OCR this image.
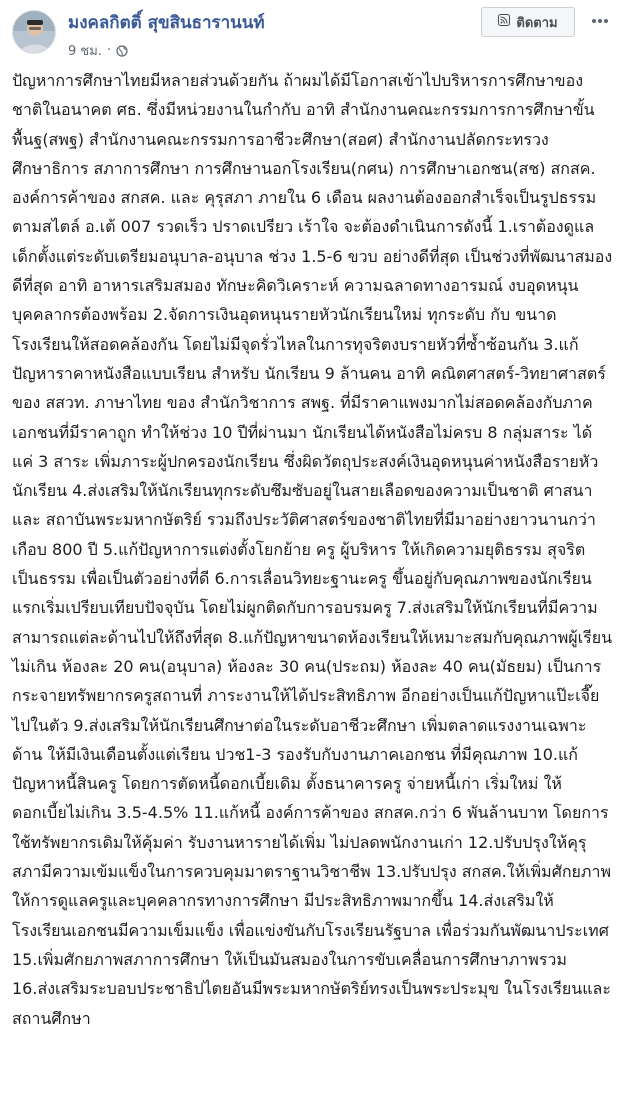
มงคลกิตติ์ สุขสินธารานนท์
9 ชม. ·
ติดตาม
ปัญหาการศึกษาไทยมีหลายส่วนด้วยกัน ถ้าผมได้มีโอกาสเข้าไปบริหารการศึกษาของชาติในอนาคต ศธ. ซึ่งมีหน่วยงานในกำกับ อาทิ สำนักงานคณะกรรมการการศึกษาขั้นพื้นฐ(สพฐ) สำนักงานคณะกรรมการอาชีวะศึกษา(สอศ) สำนักงานปลัดกระทรวงศึกษาธิการ สภาการศึกษา การศึกษานอกโรงเรียน(กศน) การศึกษาเอกชน(สช) สกสค. องค์การค้าของ สกสค. และ คุรุสภา ภายใน 6 เดือน ผลงานต้องออกสำเร็จเป็นรูปธรรม ตามสไตล์ อ.เต้ 007 รวดเร็ว ปราดเปรียว เร้าใจ จะต้องดำเนินการดังนี้ 1.เราต้องดูแลเด็กตั้งแต่ระดับเตรียมอนุบาล-อนุบาล ช่วง 1.5-6 ขวบ อย่างดีที่สุด เป็นช่วงที่พัฒนาสมองดีที่สุด อาทิ อาหารเสริมสมอง ทักษะคิดวิเคราะห์ ความฉลาดทางอารมณ์ งบอุดหนุน บุคคลากรต้องพร้อม 2.จัดการเงินอุดหนุนรายหัวนักเรียนใหม่ ทุกระดับ กับ ขนาดโรงเรียนให้สอดคล้องกัน โดยไม่มีจุดรั่วไหลในการทุจริตงบรายหัวที่ซ้ำซ้อนกัน 3.แก้ปัญหาราคาหนังสือแบบเรียน สำหรับ นักเรียน 9 ล้านคน อาทิ คณิตศาสตร์-วิทยาศาสตร์ ของ สสวท. ภาษาไทย ของ สำนักวิชาการ สพฐ. ที่มีราคาแพงมากไม่สอดคล้องกับภาคเอกชนที่มีราคาถูก ทำให้ช่วง 10 ปีที่ผ่านมา นักเรียนได้หนังสือไม่ครบ 8 กลุ่มสาระ ได้แค่ 3 สาระ เพิ่มภาระผู้ปกครองนักเรียน ซึ่งผิดวัตถุประสงค์เงินอุดหนุนค่าหนังสือรายหัวนักเรียน 4.ส่งเสริมให้นักเรียนทุกระดับซึมซับอยู่ในสายเลือดของความเป็นชาติ ศาสนา และ สถาบันพระมหากษัตริย์ รวมถึงประวัติศาสตร์ของชาติไทยที่มีมาอย่างยาวนานกว่าเกือบ 800 ปี 5.แก้ปัญหาการแต่งตั้งโยกย้าย ครู ผู้บริหาร ให้เกิดความยุติธรรม สุจริต เป็นธรรม เพื่อเป็นตัวอย่างที่ดี 6.การเลื่อนวิทยะฐานะครู ขึ้นอยู่กับคุณภาพของนักเรียนแรกเริ่มเปรียบเทียบปัจจุบัน โดยไม่ผูกติดกับการอบรมครู 7.ส่งเสริมให้นักเรียนที่มีความสามารถแต่ละด้านไปให้ถึงที่สุด 8.แก้ปัญหาขนาดห้องเรียนให้เหมาะสมกับคุณภาพผู้เรียนไม่เกิน ห้องละ 20 คน(อนุบาล) ห้องละ 30 คน(ประถม) ห้องละ 40 คน(มัธยม) เป็นการกระจายทรัพยากรครูสถานที่ ภาระงานให้ได้ประสิทธิภาพ อีกอย่างเป็นแก้ปัญหาแป๊ะเจี๊ยไปในตัว 9.ส่งเสริมให้นักเรียนศึกษาต่อในระดับอาชีวะศึกษา เพิ่มตลาดแรงงานเฉพาะด้าน ให้มีเงินเดือนตั้งแต่เรียน ปวช1-3 รองรับกับงานภาคเอกชน ที่มีคุณภาพ 10.แก้ปัญหาหนี้สินครู โดยการตัดหนี้ดอกเบี้ยเดิม ตั้งธนาคารครู จ่ายหนี้เก่า เริ่มใหม่ ให้ดอกเบี้ยไม่เกิน 3.5-4.5% 11.แก้หนี้ องค์การค้าของ สกสค.กว่า 6 พันล้านบาท โดยการใช้ทรัพยากรเดิมให้คุ้มค่า รับงานหารายได้เพิ่ม ไม่ปลดพนักงานเก่า 12.ปรับปรุงให้คุรุสภามีความเข้มแข็งในการควบคุมมาตราฐานวิชาชีพ 13.ปรับปรุง สกสค.ให้เพิ่มศักยภาพให้การดูแลครูและบุคคลากรทางการศึกษา มีประสิทธิภาพมากขึ้น 14.ส่งเสริมให้โรงเรียนเอกชนมีความเข็มแข็ง เพื่อแข่งขันกับโรงเรียนรัฐบาล เพื่อร่วมกันพัฒนาประเทศ 15.เพิ่มศักยภาพสภาการศึกษา ให้เป็นมันสมองในการขับเคลื่อนการศึกษาภาพรวม 16.ส่งเสริมระบอบประชาธิปไตยอันมีพระมหากษัตริย์ทรงเป็นพระประมุข ในโรงเรียนและสถานศึกษา
